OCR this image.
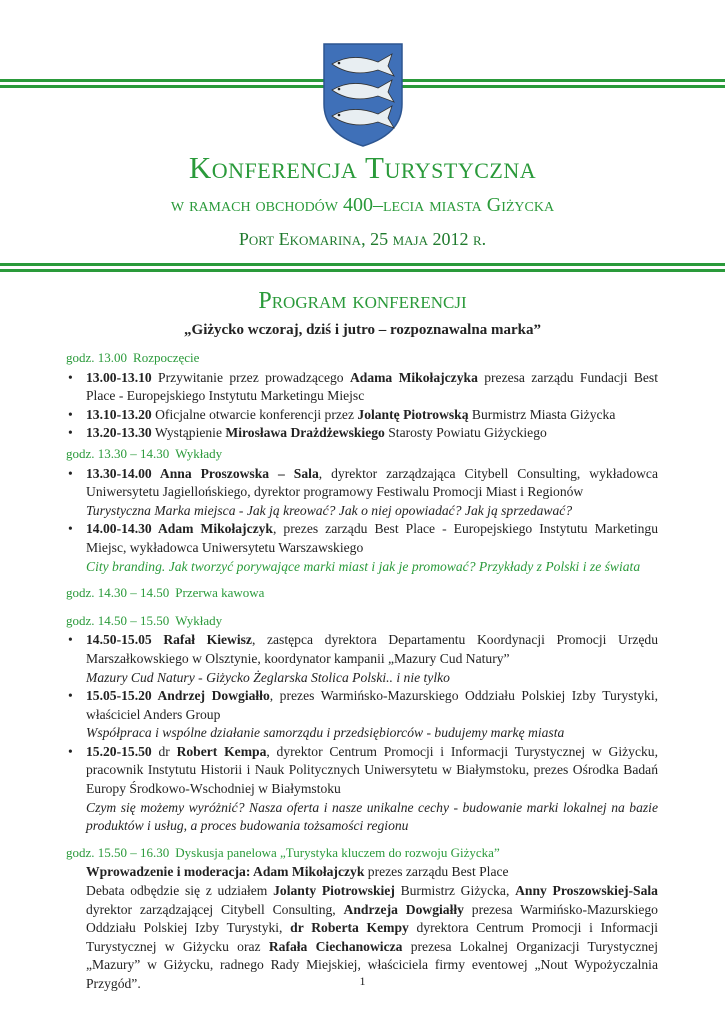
Konferencja Turystyczna
w ramach obchodów 400–lecia miasta Giżycka
Port Ekomarina, 25 maja 2012 r.
Program konferencji
„Giżycko wczoraj, dziś i jutro – rozpoznawalna marka”
godz. 13.00 Rozpoczęcie
• 13.00-13.10 Przywitanie przez prowadzącego Adama Mikołajczyka prezesa zarządu Fundacji Best Place - Europejskiego Instytutu Marketingu Miejsc
• 13.10-13.20 Oficjalne otwarcie konferencji przez Jolantę Piotrowską Burmistrz Miasta Giżycka
• 13.20-13.30 Wystąpienie Mirosława Drażdżewskiego Starosty Powiatu Giżyckiego
godz. 13.30 – 14.30 Wykłady
• 13.30-14.00 Anna Proszowska – Sala, dyrektor zarządzająca Citybell Consulting, wykładowca Uniwersytetu Jagiellońskiego, dyrektor programowy Festiwalu Promocji Miast i Regionów
Turystyczna Marka miejsca - Jak ją kreować? Jak o niej opowiadać? Jak ją sprzedawać?
• 14.00-14.30 Adam Mikołajczyk, prezes zarządu Best Place - Europejskiego Instytutu Marketingu Miejsc, wykładowca Uniwersytetu Warszawskiego
City branding. Jak tworzyć porywające marki miast i jak je promować? Przykłady z Polski i ze świata
godz. 14.30 – 14.50 Przerwa kawowa
godz. 14.50 – 15.50 Wykłady
• 14.50-15.05 Rafał Kiewisz, zastępca dyrektora Departamentu Koordynacji Promocji Urzędu Marszałkowskiego w Olsztynie, koordynator kampanii „Mazury Cud Natury”
Mazury Cud Natury - Giżycko Żeglarska Stolica Polski.. i nie tylko
• 15.05-15.20 Andrzej Dowgiałło, prezes Warmińsko-Mazurskiego Oddziału Polskiej Izby Turystyki, właściciel Anders Group
Współpraca i wspólne działanie samorządu i przedsiębiorców - budujemy markę miasta
• 15.20-15.50 dr Robert Kempa, dyrektor Centrum Promocji i Informacji Turystycznej w Giżycku, pracownik Instytutu Historii i Nauk Politycznych Uniwersytetu w Białymstoku, prezes Ośrodka Badań Europy Środkowo-Wschodniej w Białymstoku
Czym się możemy wyróżnić? Nasza oferta i nasze unikalne cechy - budowanie marki lokalnej na bazie produktów i usług, a proces budowania tożsamości regionu
godz. 15.50 – 16.30 Dyskusja panelowa „Turystyka kluczem do rozwoju Giżycka”
Wprowadzenie i moderacja: Adam Mikołajczyk prezes zarządu Best Place
Debata odbędzie się z udziałem Jolanty Piotrowskiej Burmistrz Giżycka, Anny Proszowskiej-Sala dyrektor zarządzającej Citybell Consulting, Andrzeja Dowgiałły prezesa Warmińsko-Mazurskiego Oddziału Polskiej Izby Turystyki, dr Roberta Kempy dyrektora Centrum Promocji i Informacji Turystycznej w Giżycku oraz Rafała Ciechanowicza prezesa Lokalnej Organizacji Turystycznej „Mazury” w Giżycku, radnego Rady Miejskiej, właściciela firmy eventowej „Nout Wypożyczalnia Przygód”.	1
